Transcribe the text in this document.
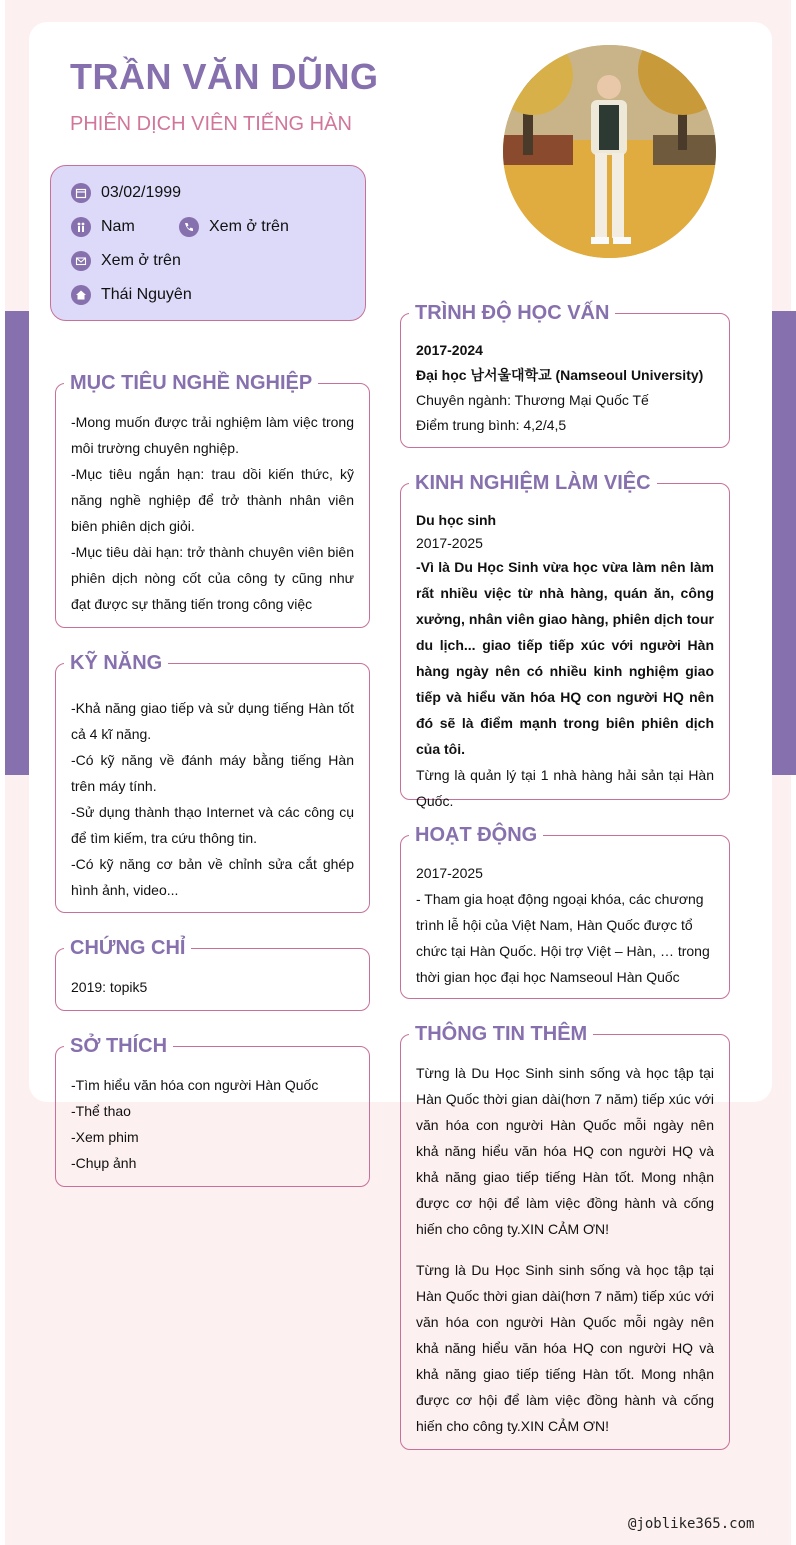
TRẦN VĂN DŨNG
PHIÊN DỊCH VIÊN TIẾNG HÀN
03/02/1999
Nam	Xem ở trên
Xem ở trên
Thái Nguyên
MỤC TIÊU NGHỀ NGHIỆP

-Mong muốn được trải nghiệm làm việc trong môi trường chuyên nghiệp.

-Mục tiêu ngắn hạn: trau dồi kiến thức, kỹ năng nghề nghiệp để trở thành nhân viên biên phiên dịch giỏi.

-Mục tiêu dài hạn: trở thành chuyên viên biên phiên dịch nòng cốt của công ty cũng như đạt được sự thăng tiến trong công việc

KỸ NĂNG

-Khả năng giao tiếp và sử dụng tiếng Hàn tốt cả 4 kĩ năng.

-Có kỹ năng về đánh máy bằng tiếng Hàn trên máy tính.

-Sử dụng thành thạo Internet và các công cụ để tìm kiếm, tra cứu thông tin.

-Có kỹ năng cơ bản về chỉnh sửa cắt ghép hình ảnh, video...

CHỨNG CHỈ

2019: topik5

SỞ THÍCH

-Tìm hiểu văn hóa con người Hàn Quốc

-Thể thao

-Xem phim

-Chụp ảnh

TRÌNH ĐỘ HỌC VẤN

2017-2024

Đại học 남서울대학교 (Namseoul University)

Chuyên ngành: Thương Mại Quốc Tế

Điểm trung bình: 4,2/4,5

KINH NGHIỆM LÀM VIỆC

Du học sinh

2017-2025

-Vì là Du Học Sinh vừa học vừa làm nên làm rất nhiều việc từ nhà hàng, quán ăn, công xưởng, nhân viên giao hàng, phiên dịch tour du lịch... giao tiếp tiếp xúc với người Hàn hàng ngày nên có nhiều kinh nghiệm giao tiếp và hiểu văn hóa HQ con người HQ nên đó sẽ là điểm mạnh trong biên phiên dịch của tôi.

Từng là quản lý tại 1 nhà hàng hải sản tại Hàn Quốc.

HOẠT ĐỘNG

2017-2025

- Tham gia hoạt động ngoại khóa, các chương trình lễ hội của Việt Nam, Hàn Quốc được tổ chức tại Hàn Quốc. Hội trợ Việt – Hàn, … trong thời gian học đại học Namseoul Hàn Quốc

THÔNG TIN THÊM

Từng là Du Học Sinh sinh sống và học tập tại Hàn Quốc thời gian dài(hơn 7 năm) tiếp xúc với văn hóa con người Hàn Quốc mỗi ngày nên khả năng hiểu văn hóa HQ con người HQ và khả năng giao tiếp tiếng Hàn tốt. Mong nhận được cơ hội để làm việc đồng hành và cống hiến cho công ty.XIN CẢM ƠN!

Từng là Du Học Sinh sinh sống và học tập tại Hàn Quốc thời gian dài(hơn 7 năm) tiếp xúc với văn hóa con người Hàn Quốc mỗi ngày nên khả năng hiểu văn hóa HQ con người HQ và khả năng giao tiếp tiếng Hàn tốt. Mong nhận được cơ hội để làm việc đồng hành và cống hiến cho công ty.XIN CẢM ƠN!

@joblike365.com
